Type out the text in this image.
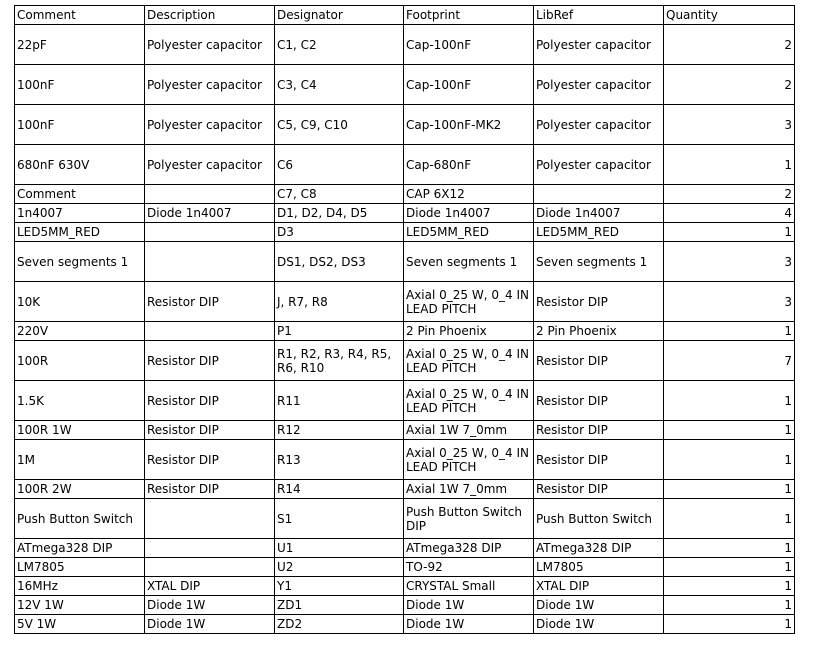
Comment	Description	Designator	Footprint	LibRef	Quantity
22pF	Polyester capacitor	C1, C2	Cap-100nF	Polyester capacitor	2
100nF	Polyester capacitor	C3, C4	Cap-100nF	Polyester capacitor	2
100nF	Polyester capacitor	C5, C9, C10	Cap-100nF-MK2	Polyester capacitor	3
680nF 630V	Polyester capacitor	C6	Cap-680nF	Polyester capacitor	1
Comment		C7, C8	CAP 6X12		2
1n4007	Diode 1n4007	D1, D2, D4, D5	Diode 1n4007	Diode 1n4007	4
LED5MM_RED		D3	LED5MM_RED	LED5MM_RED	1
Seven segments 1		DS1, DS2, DS3	Seven segments 1	Seven segments 1	3
10K	Resistor DIP	J, R7, R8	Axial 0_25 W, 0_4 IN LEAD PITCH	Resistor DIP	3
220V		P1	2 Pin Phoenix	2 Pin Phoenix	1
100R	Resistor DIP	R1, R2, R3, R4, R5, R6, R10	Axial 0_25 W, 0_4 IN LEAD PITCH	Resistor DIP	7
1.5K	Resistor DIP	R11	Axial 0_25 W, 0_4 IN LEAD PITCH	Resistor DIP	1
100R 1W	Resistor DIP	R12	Axial 1W 7_0mm	Resistor DIP	1
1M	Resistor DIP	R13	Axial 0_25 W, 0_4 IN LEAD PITCH	Resistor DIP	1
100R 2W	Resistor DIP	R14	Axial 1W 7_0mm	Resistor DIP	1
Push Button Switch		S1	Push Button Switch DIP	Push Button Switch	1
ATmega328 DIP		U1	ATmega328 DIP	ATmega328 DIP	1
LM7805		U2	TO-92	LM7805	1
16MHz	XTAL DIP	Y1	CRYSTAL Small	XTAL DIP	1
12V 1W	Diode 1W	ZD1	Diode 1W	Diode 1W	1
5V 1W	Diode 1W	ZD2	Diode 1W	Diode 1W	1
